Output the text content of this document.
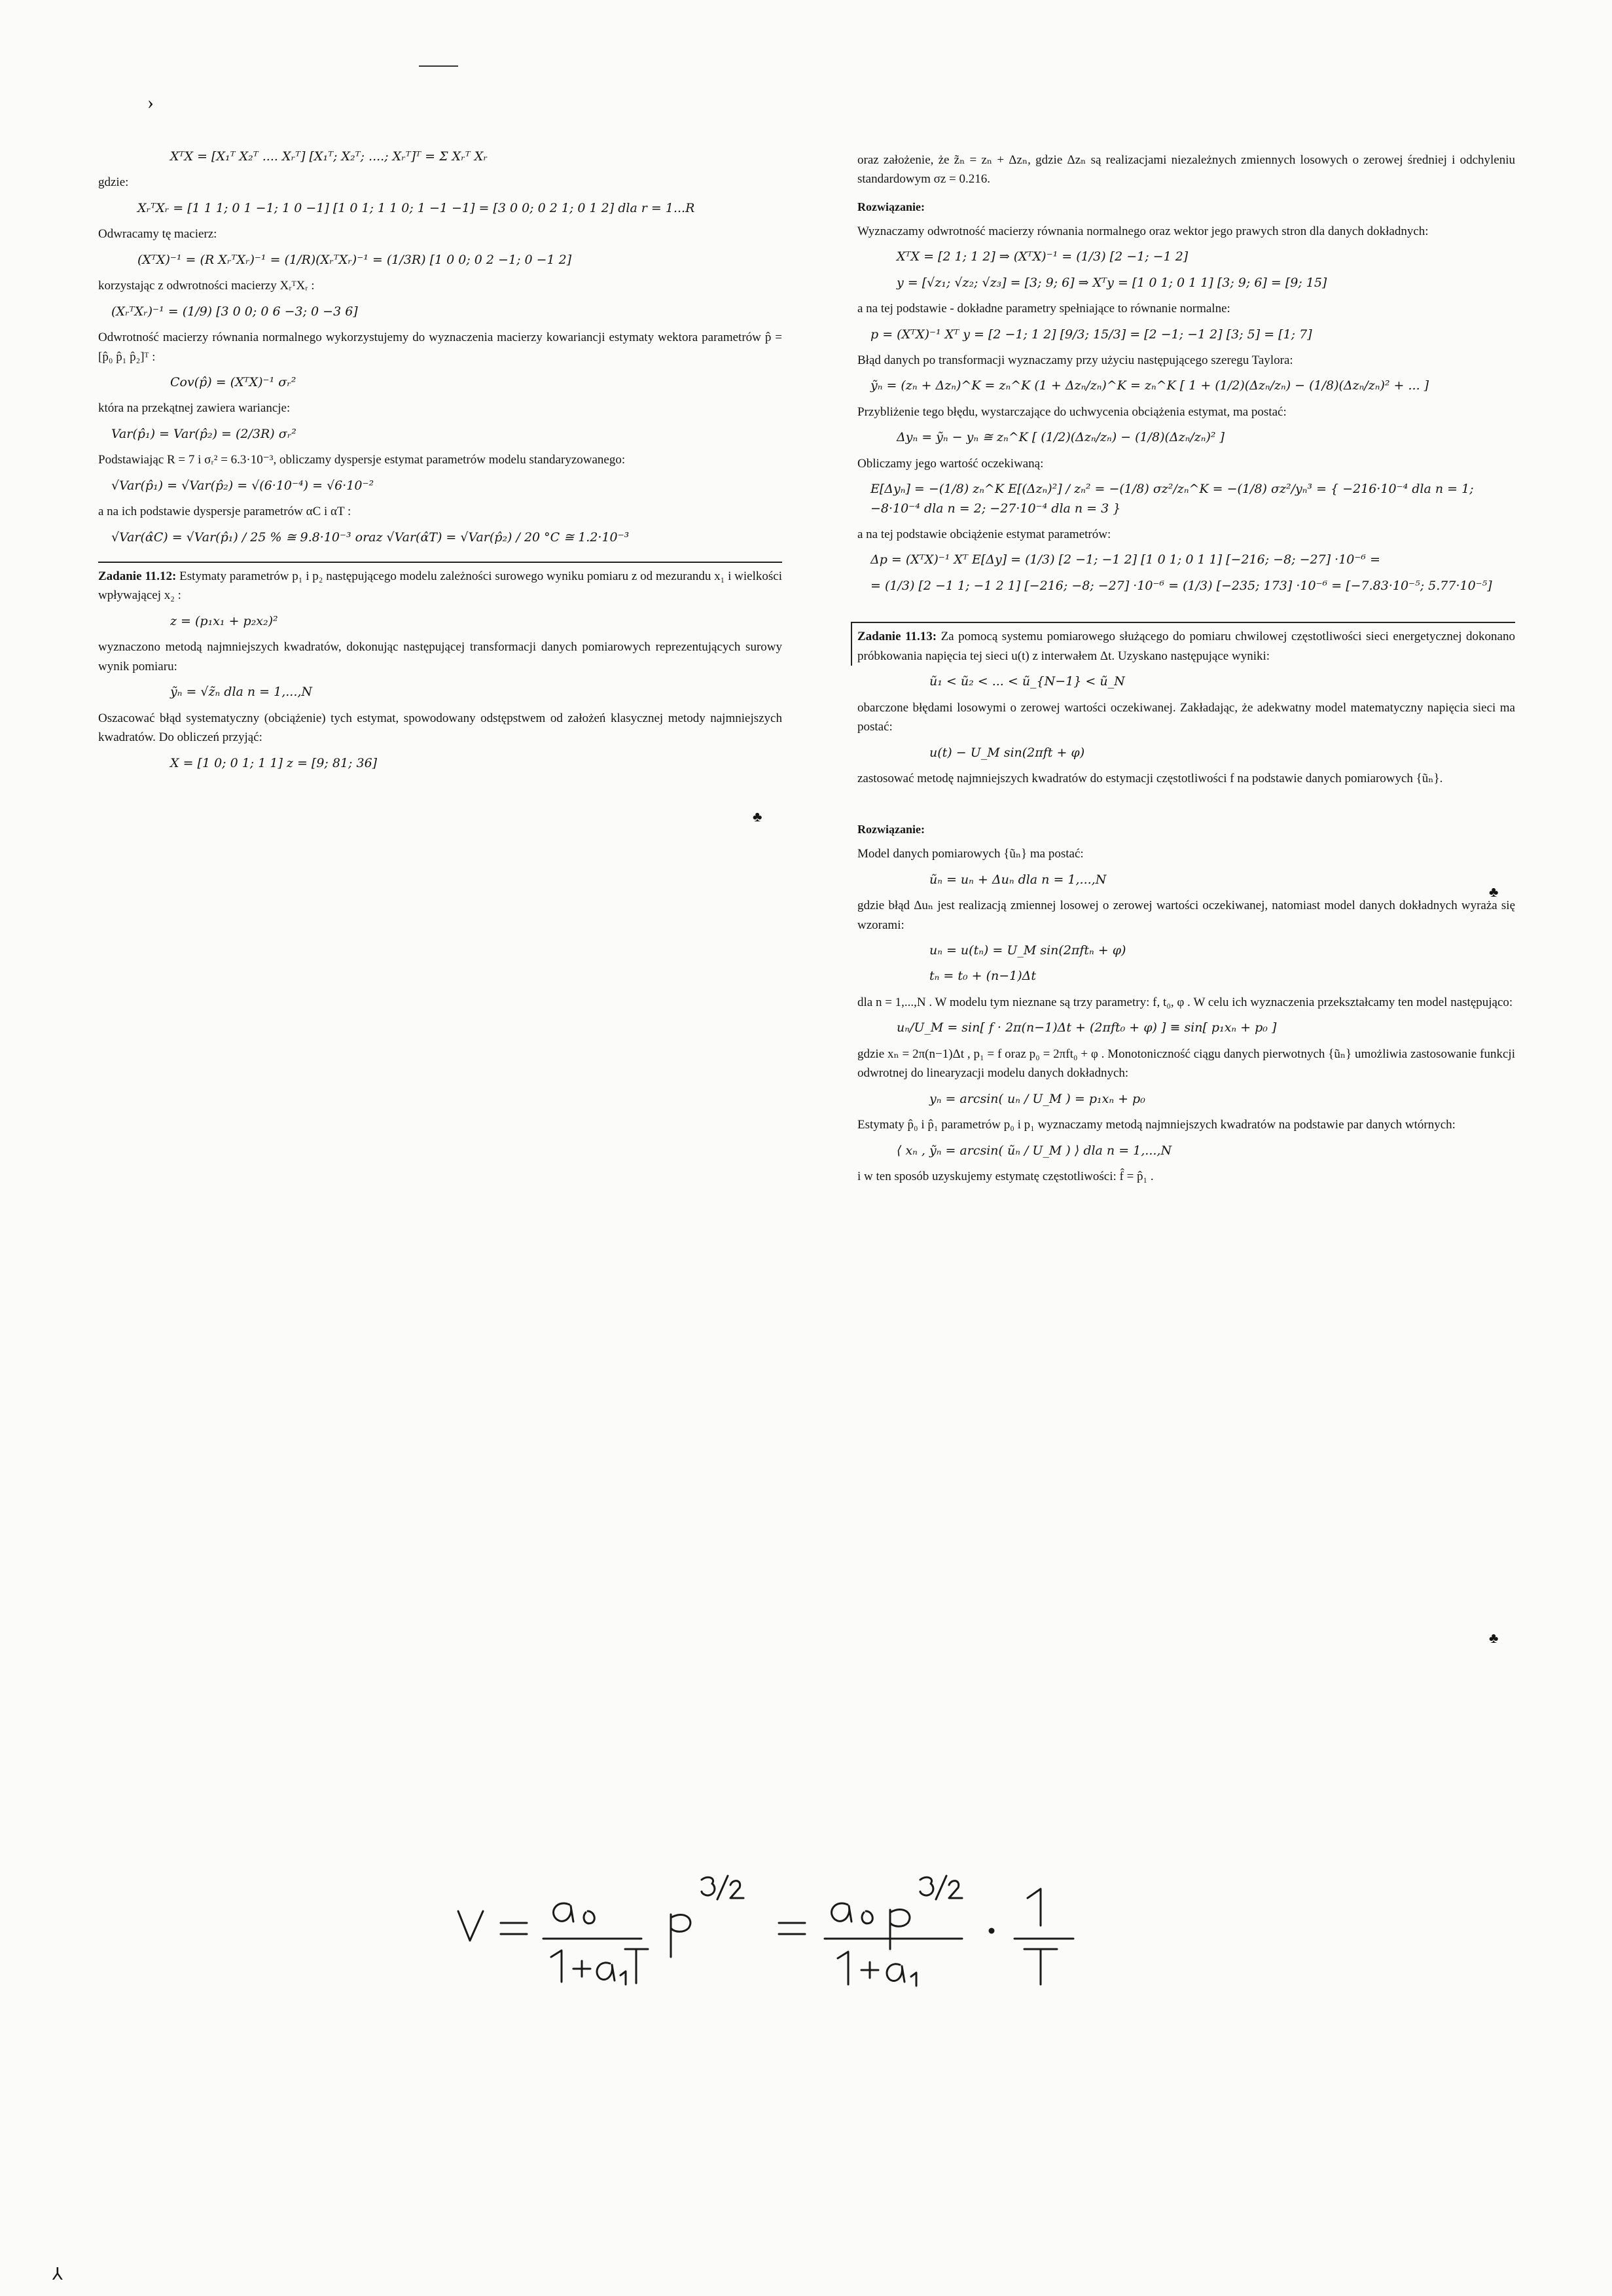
›
XᵀX = [X₁ᵀ X₂ᵀ .... Xᵣᵀ] [X₁ᵀ; X₂ᵀ; ....; Xᵣᵀ]ᵀ = Σ Xᵣᵀ Xᵣ
gdzie:
XᵣᵀXᵣ = [1 1 1; 0 1 −1; 1 0 −1] [1 0 1; 1 1 0; 1 −1 −1] = [3 0 0; 0 2 1; 0 1 2] dla r = 1...R
Odwracamy tę macierz:
(XᵀX)⁻¹ = (R XᵣᵀXᵣ)⁻¹ = (1/R)(XᵣᵀXᵣ)⁻¹ = (1/3R) [1 0 0; 0 2 −1; 0 −1 2]
korzystając z odwrotności macierzy XᵣᵀXᵣ :
(XᵣᵀXᵣ)⁻¹ = (1/9) [3 0 0; 0 6 −3; 0 −3 6]
Odwrotność macierzy równania normalnego wykorzystujemy do wyznaczenia macierzy kowariancji estymaty wektora parametrów p̂ = [p̂₀ p̂₁ p̂₂]ᵀ :
Cov(p̂) = (XᵀX)⁻¹ σᵣ²
która na przekątnej zawiera wariancje:
Var(p̂₁) = Var(p̂₂) = (2/3R) σᵣ²
Podstawiając R = 7 i σᵣ² = 6.3·10⁻³, obliczamy dyspersje estymat parametrów modelu standaryzowanego:
√Var(p̂₁) = √Var(p̂₂) = √(6·10⁻⁴) = √6·10⁻²
a na ich podstawie dyspersje parametrów αC i αT :
√Var(α̂C) = √Var(p̂₁) / 25 % ≅ 9.8·10⁻³ oraz √Var(α̂T) = √Var(p̂₂) / 20 °C ≅ 1.2·10⁻³
Zadanie 11.12: Estymaty parametrów p₁ i p₂ następującego modelu zależności surowego wyniku pomiaru z od mezurandu x₁ i wielkości wpływającej x₂ :
z = (p₁x₁ + p₂x₂)²
wyznaczono metodą najmniejszych kwadratów, dokonując następującej transformacji danych pomiarowych reprezentujących surowy wynik pomiaru:
ỹₙ = √z̃ₙ dla n = 1,...,N
Oszacować błąd systematyczny (obciążenie) tych estymat, spowodowany odstępstwem od założeń klasycznej metody najmniejszych kwadratów. Do obliczeń przyjąć:
X = [1 0; 0 1; 1 1] z = [9; 81; 36]
♣
oraz założenie, że z̃ₙ = zₙ + Δzₙ, gdzie Δzₙ są realizacjami niezależnych zmiennych losowych o zerowej średniej i odchyleniu standardowym σz = 0.216.
Rozwiązanie:
Wyznaczamy odwrotność macierzy równania normalnego oraz wektor jego prawych stron dla danych dokładnych:
XᵀX = [2 1; 1 2] ⇒ (XᵀX)⁻¹ = (1/3) [2 −1; −1 2]
y = [√z₁; √z₂; √z₃] = [3; 9; 6] ⇒ Xᵀy = [1 0 1; 0 1 1] [3; 9; 6] = [9; 15]
a na tej podstawie - dokładne parametry spełniające to równanie normalne:
p = (XᵀX)⁻¹ Xᵀ y = [2 −1; 1 2] [9/3; 15/3] = [2 −1; −1 2] [3; 5] = [1; 7]
Błąd danych po transformacji wyznaczamy przy użyciu następującego szeregu Taylora:
ỹₙ = (zₙ + Δzₙ)^K = zₙ^K (1 + Δzₙ/zₙ)^K = zₙ^K [ 1 + (1/2)(Δzₙ/zₙ) − (1/8)(Δzₙ/zₙ)² + ... ]
Przybliżenie tego błędu, wystarczające do uchwycenia obciążenia estymat, ma postać:
Δyₙ = ỹₙ − yₙ ≅ zₙ^K [ (1/2)(Δzₙ/zₙ) − (1/8)(Δzₙ/zₙ)² ]
Obliczamy jego wartość oczekiwaną:
E[Δyₙ] = −(1/8) zₙ^K E[(Δzₙ)²] / zₙ² = −(1/8) σz²/zₙ^K = −(1/8) σz²/yₙ³ = { −216·10⁻⁴ dla n = 1; −8·10⁻⁴ dla n = 2; −27·10⁻⁴ dla n = 3 }
a na tej podstawie obciążenie estymat parametrów:
Δp = (XᵀX)⁻¹ Xᵀ E[Δy] = (1/3) [2 −1; −1 2] [1 0 1; 0 1 1] [−216; −8; −27] ·10⁻⁶ =
= (1/3) [2 −1 1; −1 2 1] [−216; −8; −27] ·10⁻⁶ = (1/3) [−235; 173] ·10⁻⁶ = [−7.83·10⁻⁵; 5.77·10⁻⁵]
Zadanie 11.13: Za pomocą systemu pomiarowego służącego do pomiaru chwilowej częstotliwości sieci energetycznej dokonano próbkowania napięcia tej sieci u(t) z interwałem Δt. Uzyskano następujące wyniki:
ũ₁ < ũ₂ < ... < ũ_{N−1} < ũ_N
obarczone błędami losowymi o zerowej wartości oczekiwanej. Zakładając, że adekwatny model matematyczny napięcia sieci ma postać:
u(t) − U_M sin(2πft + φ)
zastosować metodę najmniejszych kwadratów do estymacji częstotliwości f na podstawie danych pomiarowych {ũₙ}.
Rozwiązanie:
Model danych pomiarowych {ũₙ} ma postać:
ũₙ = uₙ + Δuₙ dla n = 1,...,N
gdzie błąd Δuₙ jest realizacją zmiennej losowej o zerowej wartości oczekiwanej, natomiast model danych dokładnych wyraża się wzorami:
uₙ = u(tₙ) = U_M sin(2πftₙ + φ)
tₙ = t₀ + (n−1)Δt
dla n = 1,...,N . W modelu tym nieznane są trzy parametry: f, t₀, φ . W celu ich wyznaczenia przekształcamy ten model następująco:
uₙ/U_M = sin[ f · 2π(n−1)Δt + (2πft₀ + φ) ] ≡ sin[ p₁xₙ + p₀ ]
gdzie xₙ = 2π(n−1)Δt , p₁ = f oraz p₀ = 2πft₀ + φ . Monotoniczność ciągu danych pierwotnych {ũₙ} umożliwia zastosowanie funkcji odwrotnej do linearyzacji modelu danych dokładnych:
yₙ = arcsin( uₙ / U_M ) = p₁xₙ + p₀
Estymaty p̂₀ i p̂₁ parametrów p₀ i p₁ wyznaczamy metodą najmniejszych kwadratów na podstawie par danych wtórnych:
⟨ xₙ , ỹₙ = arcsin( ũₙ / U_M ) ⟩ dla n = 1,...,N
i w ten sposób uzyskujemy estymatę częstotliwości: f̂ = p̂₁ .
♣
♣
⅄
